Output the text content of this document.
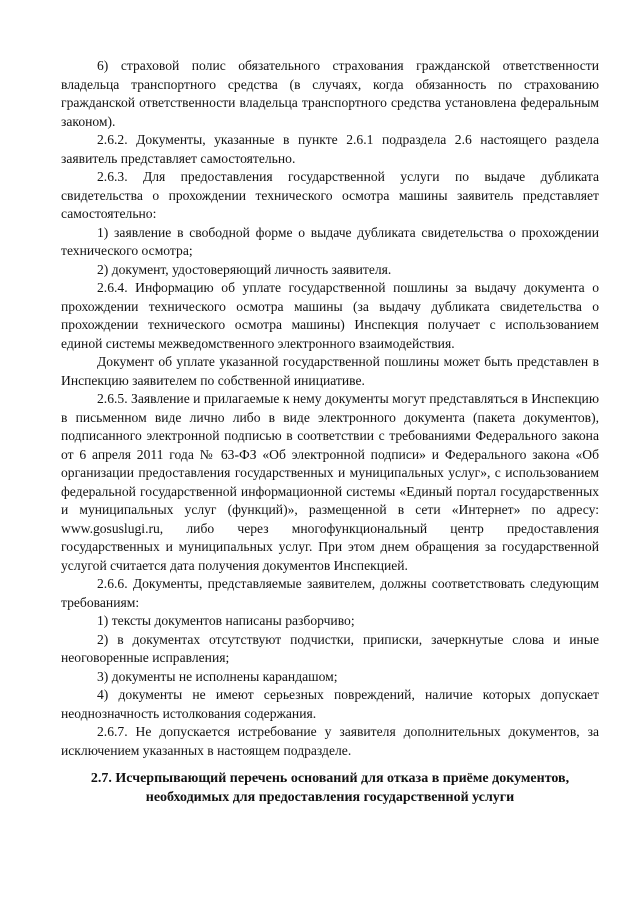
6) страховой полис обязательного страхования гражданской ответственности владельца транспортного средства (в случаях, когда обязанность по страхованию гражданской ответственности владельца транспортного средства установлена федеральным законом).

2.6.2. Документы, указанные в пункте 2.6.1 подраздела 2.6 настоящего раздела заявитель представляет самостоятельно.

2.6.3. Для предоставления государственной услуги по выдаче дубликата свидетельства о прохождении технического осмотра машины заявитель представляет самостоятельно:

1) заявление в свободной форме о выдаче дубликата свидетельства о прохождении технического осмотра;

2) документ, удостоверяющий личность заявителя.

2.6.4. Информацию об уплате государственной пошлины за выдачу документа о прохождении технического осмотра машины (за выдачу дубликата свидетельства о прохождении технического осмотра машины) Инспекция получает с использованием единой системы межведомственного электронного взаимодействия.

Документ об уплате указанной государственной пошлины может быть представлен в Инспекцию заявителем по собственной инициативе.

2.6.5. Заявление и прилагаемые к нему документы могут представляться в Инспекцию в письменном виде лично либо в виде электронного документа (пакета документов), подписанного электронной подписью в соответствии с требованиями Федерального закона от 6 апреля 2011 года № 63-ФЗ «Об электронной подписи» и Федерального закона «Об организации предоставления государственных и муниципальных услуг», с использованием федеральной государственной информационной системы «Единый портал государственных и муниципальных услуг (функций)», размещенной в сети «Интернет» по адресу: www.gosuslugi.ru, либо через многофункциональный центр предоставления государственных и муниципальных услуг. При этом днем обращения за государственной услугой считается дата получения документов Инспекцией.

2.6.6. Документы, представляемые заявителем, должны соответствовать следующим требованиям:

1) тексты документов написаны разборчиво;

2) в документах отсутствуют подчистки, приписки, зачеркнутые слова и иные неоговоренные исправления;

3) документы не исполнены карандашом;

4) документы не имеют серьезных повреждений, наличие которых допускает неоднозначность истолкования содержания.

2.6.7. Не допускается истребование у заявителя дополнительных документов, за исключением указанных в настоящем подразделе.

2.7. Исчерпывающий перечень оснований для отказа в приёме документов,
необходимых для предоставления государственной услуги
